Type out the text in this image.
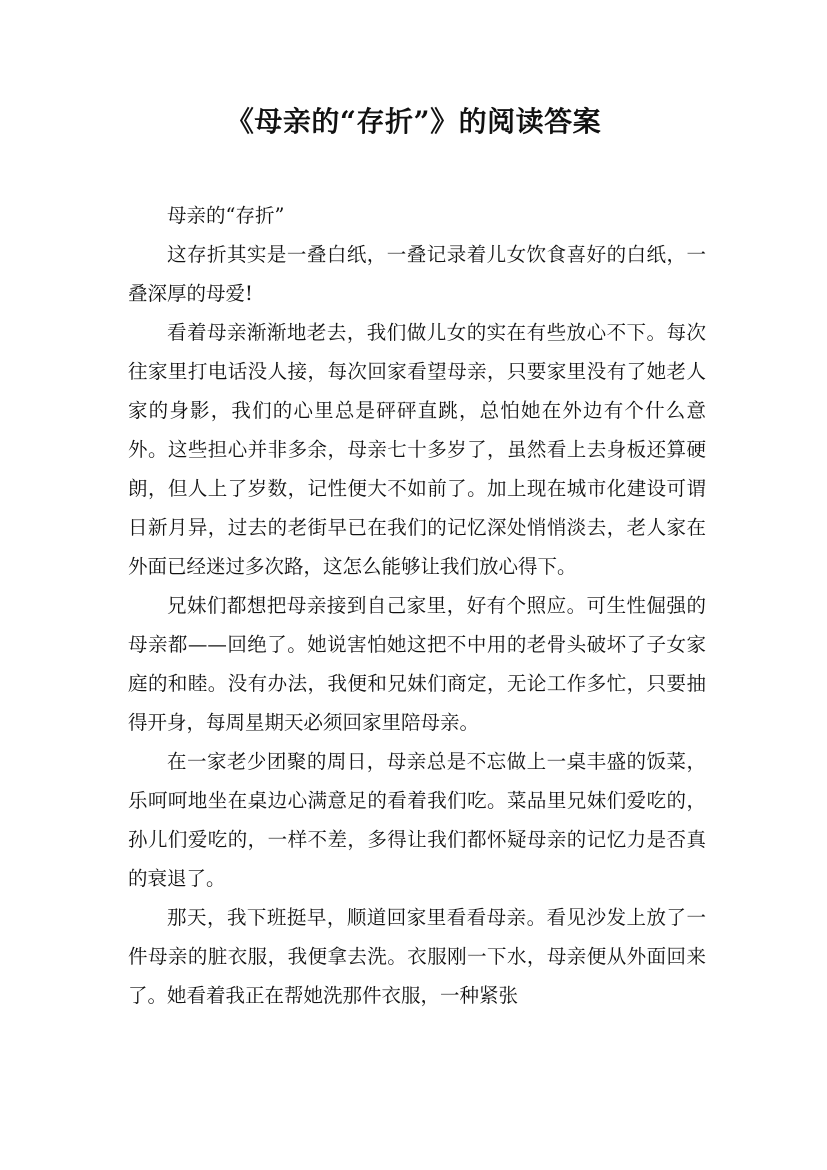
《母亲的“存折”》的阅读答案

母亲的“存折”

这存折其实是一叠白纸，一叠记录着儿女饮食喜好的白纸，一叠深厚的母爱!

看着母亲渐渐地老去，我们做儿女的实在有些放心不下。每次往家里打电话没人接，每次回家看望母亲，只要家里没有了她老人家的身影，我们的心里总是砰砰直跳，总怕她在外边有个什么意外。这些担心并非多余，母亲七十多岁了，虽然看上去身板还算硬朗，但人上了岁数，记性便大不如前了。加上现在城市化建设可谓日新月异，过去的老街早已在我们的记忆深处悄悄淡去，老人家在外面已经迷过多次路，这怎么能够让我们放心得下。

兄妹们都想把母亲接到自己家里，好有个照应。可生性倔强的母亲都——回绝了。她说害怕她这把不中用的老骨头破坏了子女家庭的和睦。没有办法，我便和兄妹们商定，无论工作多忙，只要抽得开身，每周星期天必须回家里陪母亲。

在一家老少团聚的周日，母亲总是不忘做上一桌丰盛的饭菜，乐呵呵地坐在桌边心满意足的看着我们吃。菜品里兄妹们爱吃的，孙儿们爱吃的，一样不差，多得让我们都怀疑母亲的记忆力是否真的衰退了。

那天，我下班挺早，顺道回家里看看母亲。看见沙发上放了一件母亲的脏衣服，我便拿去洗。衣服刚一下水，母亲便从外面回来了。她看着我正在帮她洗那件衣服，一种紧张
